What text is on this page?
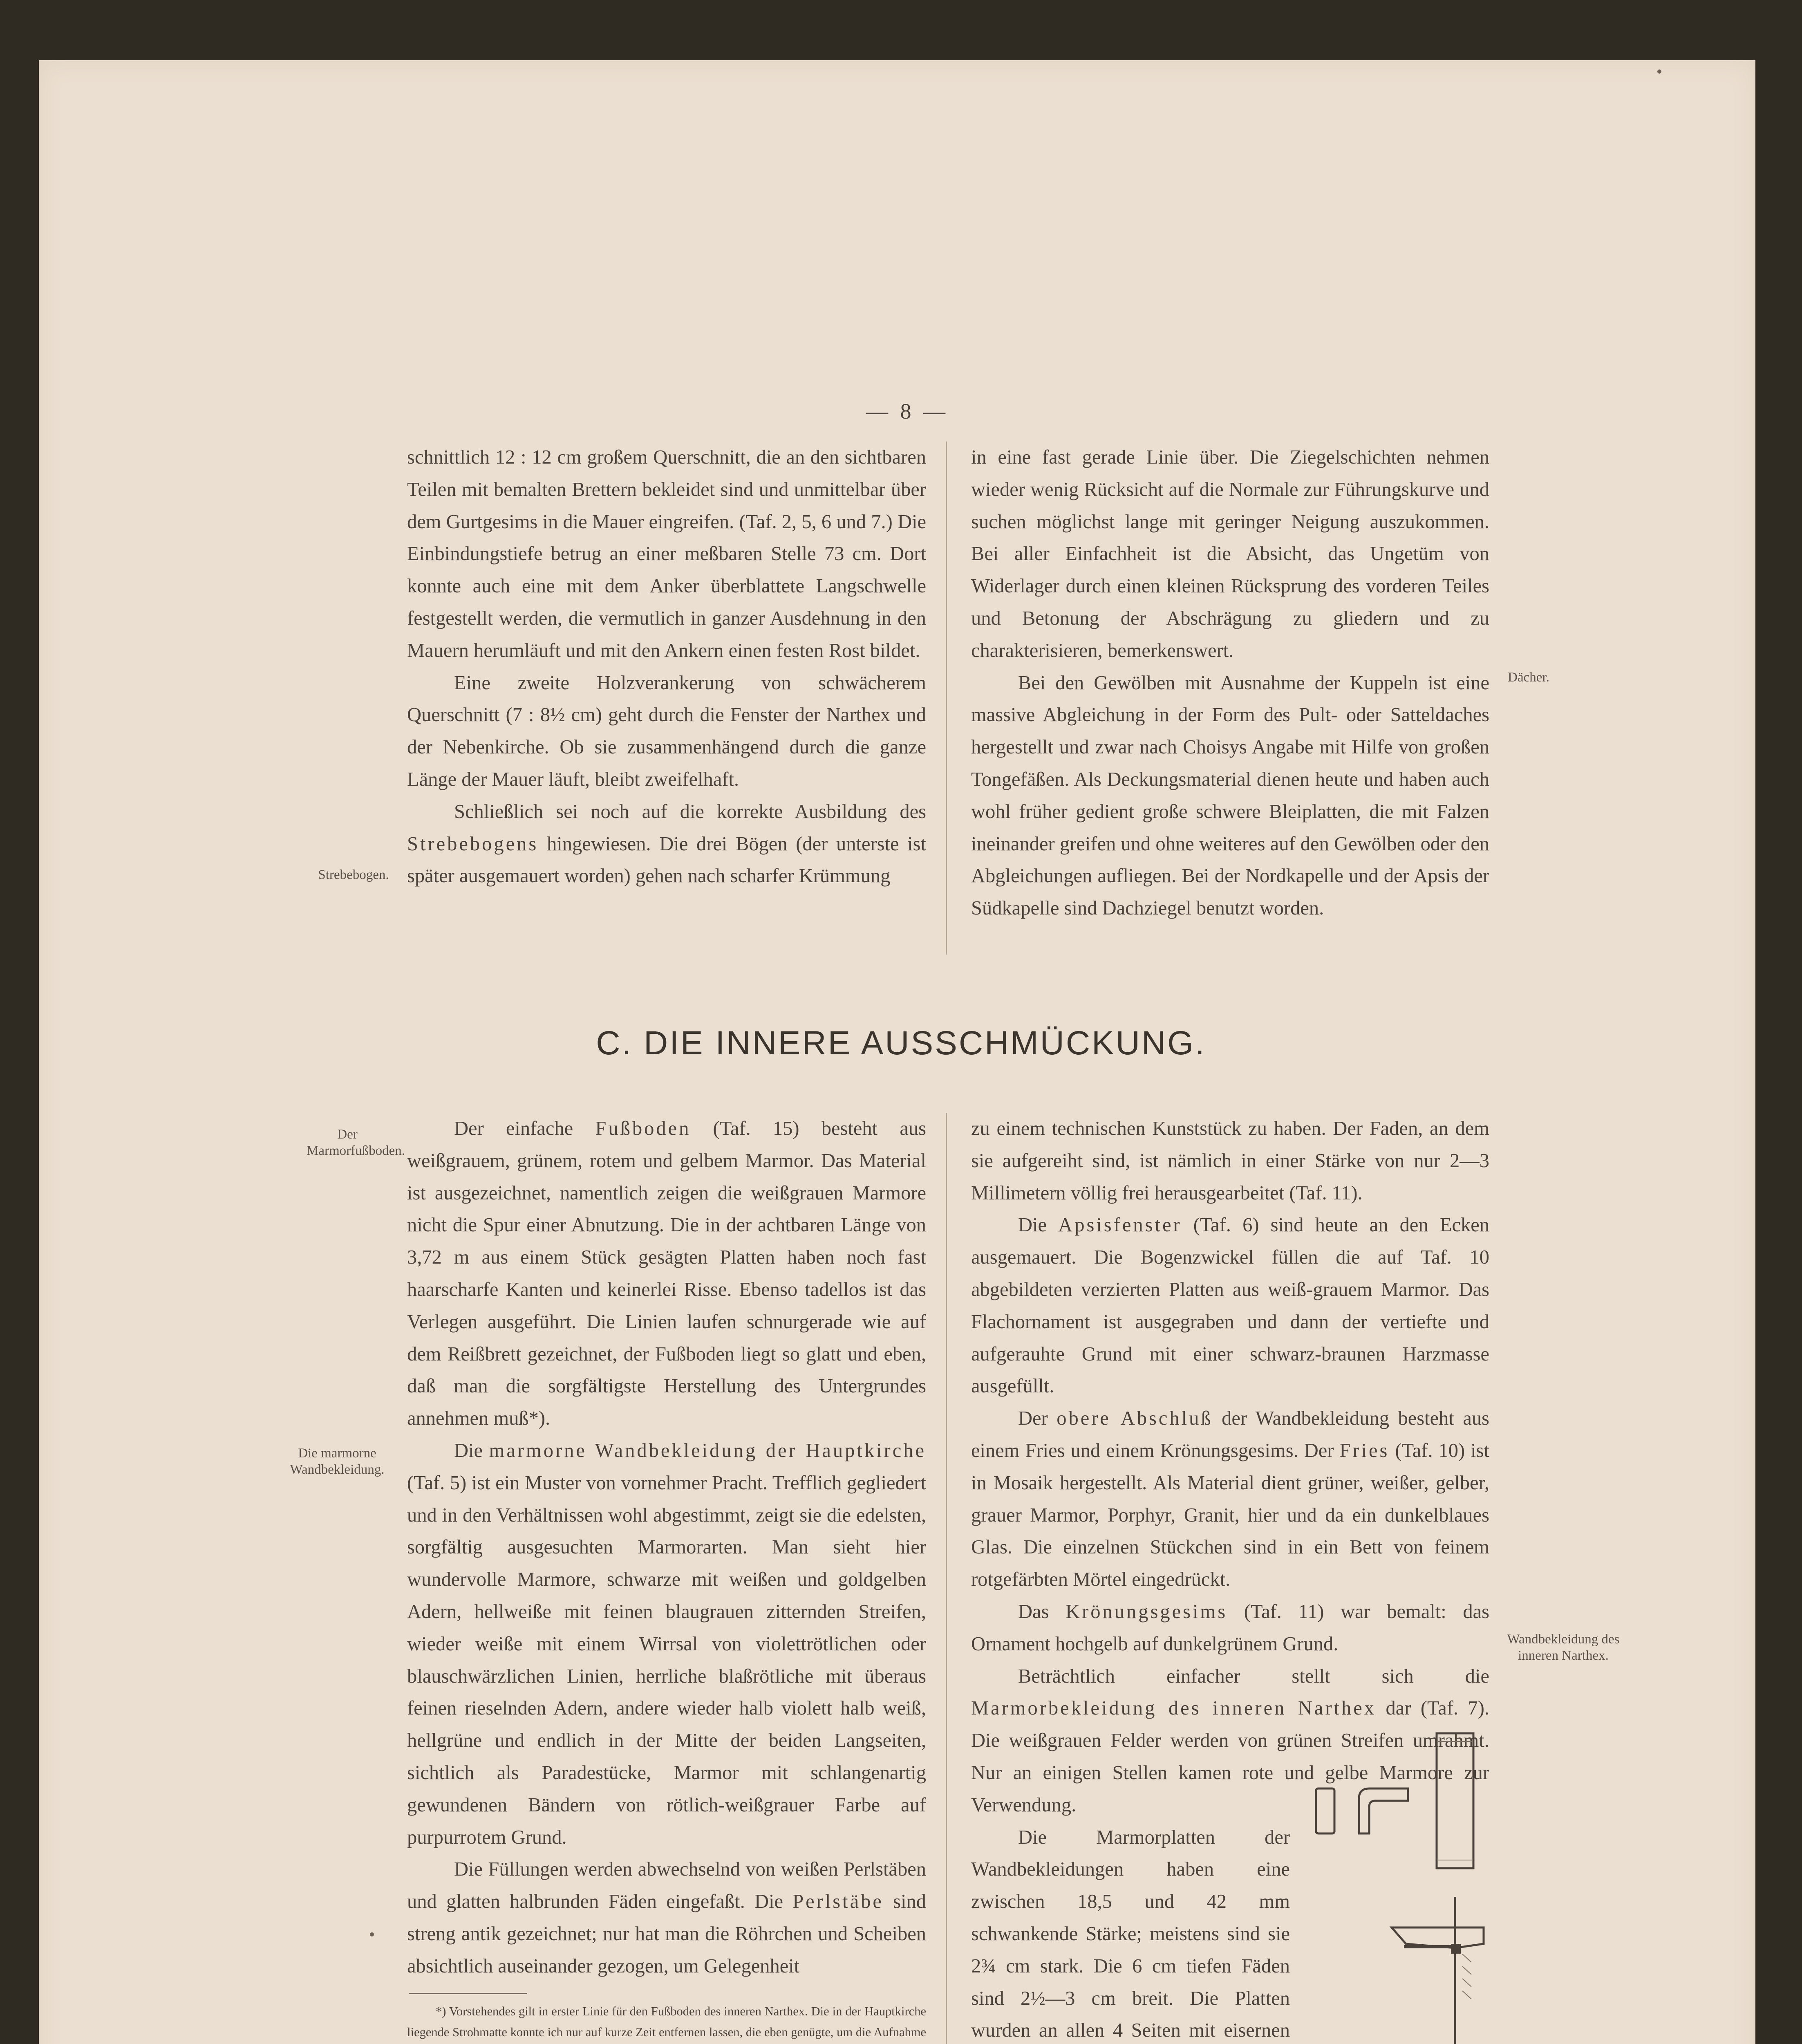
— 8 —

schnittlich 12 : 12 cm großem Querschnitt, die an den sichtbaren Teilen mit bemalten Brettern bekleidet sind und unmittelbar über dem Gurtgesims in die Mauer eingreifen. (Taf. 2, 5, 6 und 7.) Die Einbindungstiefe betrug an einer meßbaren Stelle 73 cm. Dort konnte auch eine mit dem Anker überblattete Langschwelle festgestellt werden, die vermutlich in ganzer Ausdehnung in den Mauern herumläuft und mit den Ankern einen festen Rost bildet.

Eine zweite Holzverankerung von schwächerem Querschnitt (7 : 8½ cm) geht durch die Fenster der Narthex und der Nebenkirche. Ob sie zusammenhängend durch die ganze Länge der Mauer läuft, bleibt zweifelhaft.

Schließlich sei noch auf die korrekte Ausbildung des Strebebogens hingewiesen. Die drei Bögen (der unterste ist später ausgemauert worden) gehen nach scharfer Krümmung

in eine fast gerade Linie über. Die Ziegelschichten nehmen wieder wenig Rücksicht auf die Normale zur Führungskurve und suchen möglichst lange mit geringer Neigung auszukommen. Bei aller Einfachheit ist die Absicht, das Ungetüm von Widerlager durch einen kleinen Rücksprung des vorderen Teiles und Betonung der Abschrägung zu gliedern und zu charakterisieren, bemerkenswert.

Bei den Gewölben mit Ausnahme der Kuppeln ist eine massive Abgleichung in der Form des Pult- oder Satteldaches hergestellt und zwar nach Choisys Angabe mit Hilfe von großen Tongefäßen. Als Deckungsmaterial dienen heute und haben auch wohl früher gedient große schwere Bleiplatten, die mit Falzen ineinander greifen und ohne weiteres auf den Gewölben oder den Abgleichungen aufliegen. Bei der Nordkapelle und der Apsis der Südkapelle sind Dachziegel benutzt worden.

Strebebogen.
Dächer.
C. DIE INNERE AUSSCHMÜCKUNG.

Der einfache Fußboden (Taf. 15) besteht aus weißgrauem, grünem, rotem und gelbem Marmor. Das Material ist ausgezeichnet, namentlich zeigen die weißgrauen Marmore nicht die Spur einer Abnutzung. Die in der achtbaren Länge von 3,72 m aus einem Stück gesägten Platten haben noch fast haarscharfe Kanten und keinerlei Risse. Ebenso tadellos ist das Verlegen ausgeführt. Die Linien laufen schnurgerade wie auf dem Reißbrett gezeichnet, der Fußboden liegt so glatt und eben, daß man die sorgfältigste Herstellung des Untergrundes annehmen muß*).

Die marmorne Wandbekleidung der Hauptkirche (Taf. 5) ist ein Muster von vornehmer Pracht. Trefflich gegliedert und in den Verhältnissen wohl abgestimmt, zeigt sie die edelsten, sorgfältig ausgesuchten Marmorarten. Man sieht hier wundervolle Marmore, schwarze mit weißen und goldgelben Adern, hellweiße mit feinen blaugrauen zitternden Streifen, wieder weiße mit einem Wirrsal von violettrötlichen oder blauschwärzlichen Linien, herrliche blaßrötliche mit überaus feinen rieselnden Adern, andere wieder halb violett halb weiß, hellgrüne und endlich in der Mitte der beiden Langseiten, sichtlich als Paradestücke, Marmor mit schlangenartig gewundenen Bändern von rötlich-weißgrauer Farbe auf purpurrotem Grund.

Die Füllungen werden abwechselnd von weißen Perlstäben und glatten halbrunden Fäden eingefaßt. Die Perlstäbe sind streng antik gezeichnet; nur hat man die Röhrchen und Scheiben absichtlich auseinander gezogen, um Gelegenheit

zu einem technischen Kunststück zu haben. Der Faden, an dem sie aufgereiht sind, ist nämlich in einer Stärke von nur 2—3 Millimetern völlig frei herausgearbeitet (Taf. 11).

Die Apsisfenster (Taf. 6) sind heute an den Ecken ausgemauert. Die Bogenzwickel füllen die auf Taf. 10 abgebildeten verzierten Platten aus weiß-grauem Marmor. Das Flachornament ist ausgegraben und dann der vertiefte und aufgerauhte Grund mit einer schwarz-braunen Harzmasse ausgefüllt.

Der obere Abschluß der Wandbekleidung besteht aus einem Fries und einem Krönungsgesims. Der Fries (Taf. 10) ist in Mosaik hergestellt. Als Material dient grüner, weißer, gelber, grauer Marmor, Porphyr, Granit, hier und da ein dunkelblaues Glas. Die einzelnen Stückchen sind in ein Bett von feinem rotgefärbten Mörtel eingedrückt.

Das Krönungsgesims (Taf. 11) war bemalt: das Ornament hochgelb auf dunkelgrünem Grund.

Beträchtlich einfacher stellt sich die Marmorbekleidung des inneren Narthex dar (Taf. 7). Die weißgrauen Felder werden von grünen Streifen umrahmt. Nur an einigen Stellen kamen rote und gelbe Marmore zur Verwendung.

Die Marmorplatten der Wandbekleidungen haben eine zwischen 18,5 und 42 mm schwankende Stärke; meistens sind sie 2¾ cm stark. Die 6 cm tiefen Fäden sind 2½—3 cm breit. Die Platten wurden an allen 4 Seiten mit eisernen

Der Marmorfußboden.
Die marmorne Wandbekleidung.
Wandbekleidung des inneren Narthex.

*) Vorstehendes gilt in erster Linie für den Fußboden des inneren Narthex. Die in der Hauptkirche liegende Strohmatte konnte ich nur auf kurze Zeit entfernen lassen, die eben genügte, um die Aufnahme
